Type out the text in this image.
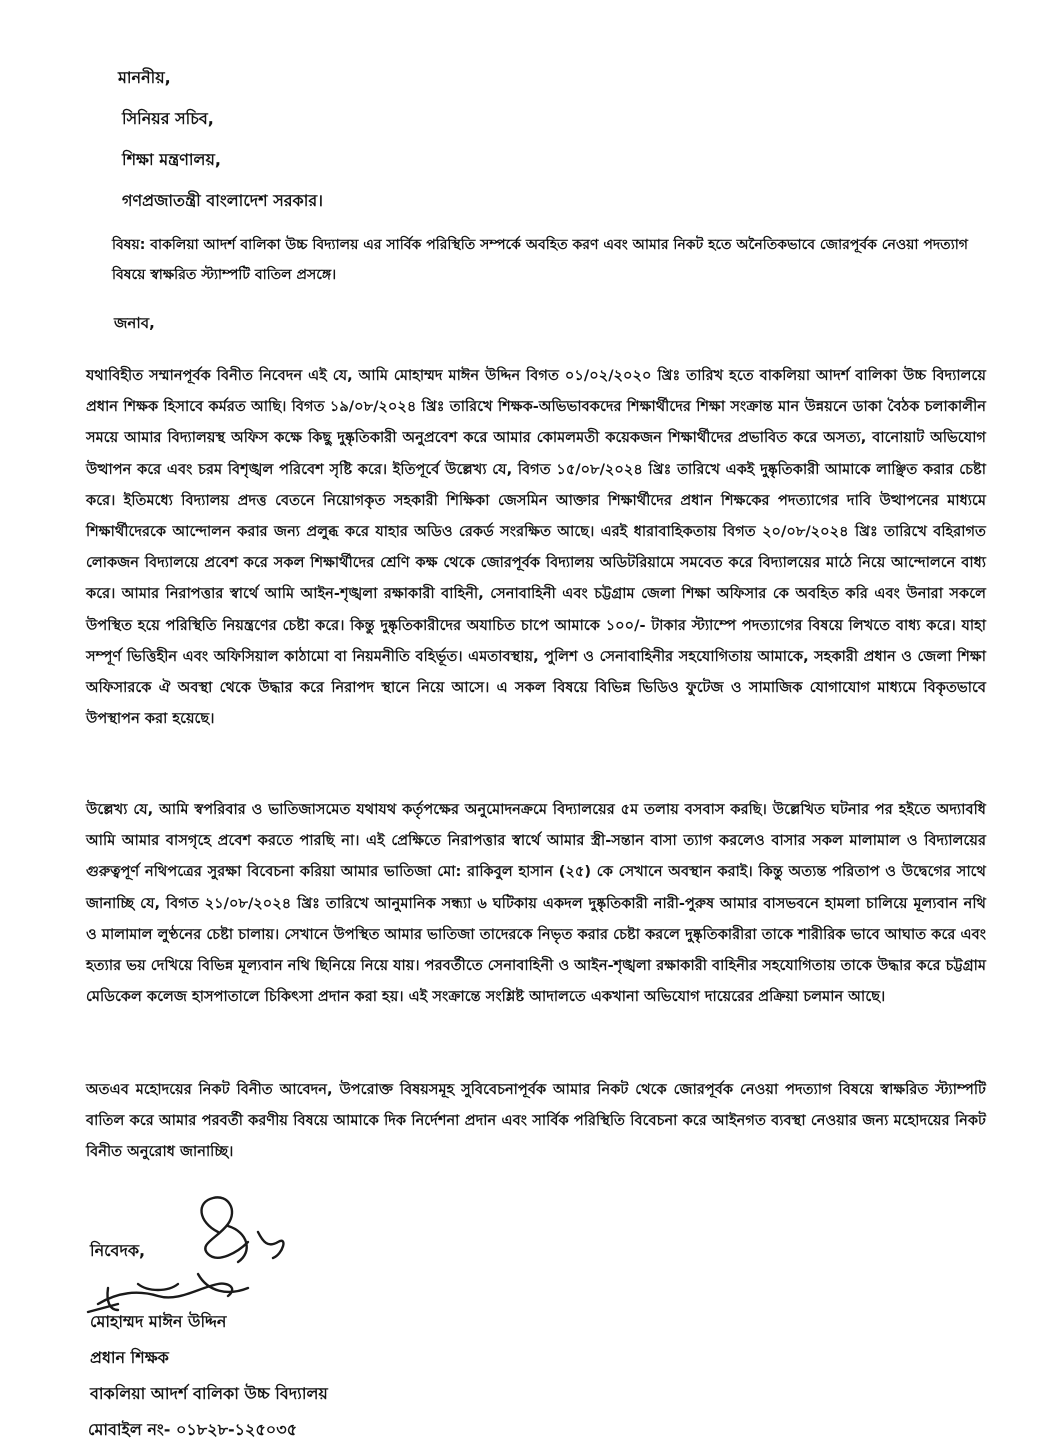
মাননীয়,
সিনিয়র সচিব,
শিক্ষা মন্ত্রণালয়,
গণপ্রজাতন্ত্রী বাংলাদেশ সরকার।
বিষয়: বাকলিয়া আদর্শ বালিকা উচ্চ বিদ্যালয় এর সার্বিক পরিস্থিতি সম্পর্কে অবহিত করণ এবং আমার নিকট হতে অনৈতিকভাবে জোরপূর্বক নেওয়া পদত্যাগ বিষয়ে স্বাক্ষরিত স্ট্যাম্পটি বাতিল প্রসঙ্গে।
জনাব,
যথাবিহীত সম্মানপূর্বক বিনীত নিবেদন এই যে, আমি মোহাম্মদ মাঈন উদ্দিন বিগত ০১/০২/২০২০ খ্রিঃ তারিখ হতে বাকলিয়া আদর্শ বালিকা উচ্চ বিদ্যালয়ে প্রধান শিক্ষক হিসাবে কর্মরত আছি। বিগত ১৯/০৮/২০২৪ খ্রিঃ তারিখে শিক্ষক-অভিভাবকদের শিক্ষার্থীদের শিক্ষা সংক্রান্ত মান উন্নয়নে ডাকা বৈঠক চলাকালীন সময়ে আমার বিদ্যালয়স্থ অফিস কক্ষে কিছু দুষ্কৃতিকারী অনুপ্রবেশ করে আমার কোমলমতী কয়েকজন শিক্ষার্থীদের প্রভাবিত করে অসত্য, বানোয়াট অভিযোগ উত্থাপন করে এবং চরম বিশৃঙ্খল পরিবেশ সৃষ্টি করে। ইতিপূর্বে উল্লেখ্য যে, বিগত ১৫/০৮/২০২৪ খ্রিঃ তারিখে একই দুষ্কৃতিকারী আমাকে লাঞ্ছিত করার চেষ্টা করে। ইতিমধ্যে বিদ্যালয় প্রদত্ত বেতনে নিয়োগকৃত সহকারী শিক্ষিকা জেসমিন আক্তার শিক্ষার্থীদের প্রধান শিক্ষকের পদত্যাগের দাবি উত্থাপনের মাধ্যমে শিক্ষার্থীদেরকে আন্দোলন করার জন্য প্রলুব্ধ করে যাহার অডিও রেকর্ড সংরক্ষিত আছে। এরই ধারাবাহিকতায় বিগত ২০/০৮/২০২৪ খ্রিঃ তারিখে বহিরাগত লোকজন বিদ্যালয়ে প্রবেশ করে সকল শিক্ষার্থীদের শ্রেণি কক্ষ থেকে জোরপূর্বক বিদ্যালয় অডিটরিয়ামে সমবেত করে বিদ্যালয়ের মাঠে নিয়ে আন্দোলনে বাধ্য করে। আমার নিরাপত্তার স্বার্থে আমি আইন-শৃঙ্খলা রক্ষাকারী বাহিনী, সেনাবাহিনী এবং চট্টগ্রাম জেলা শিক্ষা অফিসার কে অবহিত করি এবং উনারা সকলে উপস্থিত হয়ে পরিস্থিতি নিয়ন্ত্রণের চেষ্টা করে। কিন্তু দুষ্কৃতিকারীদের অযাচিত চাপে আমাকে ১০০/- টাকার স্ট্যাম্পে পদত্যাগের বিষয়ে লিখতে বাধ্য করে। যাহা সম্পূর্ণ ভিত্তিহীন এবং অফিসিয়াল কাঠামো বা নিয়মনীতি বহির্ভূত। এমতাবস্থায়, পুলিশ ও সেনাবাহিনীর সহযোগিতায় আমাকে, সহকারী প্রধান ও জেলা শিক্ষা অফিসারকে ঐ অবস্থা থেকে উদ্ধার করে নিরাপদ স্থানে নিয়ে আসে। এ সকল বিষয়ে বিভিন্ন ভিডিও ফুটেজ ও সামাজিক যোগাযোগ মাধ্যমে বিকৃতভাবে উপস্থাপন করা হয়েছে।
উল্লেখ্য যে, আমি স্বপরিবার ও ভাতিজাসমেত যথাযথ কর্তৃপক্ষের অনুমোদনক্রমে বিদ্যালয়ের ৫ম তলায় বসবাস করছি। উল্লেখিত ঘটনার পর হইতে অদ্যাবধি আমি আমার বাসগৃহে প্রবেশ করতে পারছি না। এই প্রেক্ষিতে নিরাপত্তার স্বার্থে আমার স্ত্রী-সন্তান বাসা ত্যাগ করলেও বাসার সকল মালামাল ও বিদ্যালয়ের গুরুত্বপূর্ণ নথিপত্রের সুরক্ষা বিবেচনা করিয়া আমার ভাতিজা মো: রাকিবুল হাসান (২৫) কে সেখানে অবস্থান করাই। কিন্তু অত্যন্ত পরিতাপ ও উদ্বেগের সাথে জানাচ্ছি যে, বিগত ২১/০৮/২০২৪ খ্রিঃ তারিখে আনুমানিক সন্ধ্যা ৬ ঘটিকায় একদল দুষ্কৃতিকারী নারী-পুরুষ আমার বাসভবনে হামলা চালিয়ে মূল্যবান নথি ও মালামাল লুণ্ঠনের চেষ্টা চালায়। সেখানে উপস্থিত আমার ভাতিজা তাদেরকে নিভৃত করার চেষ্টা করলে দুষ্কৃতিকারীরা তাকে শারীরিক ভাবে আঘাত করে এবং হত্যার ভয় দেখিয়ে বিভিন্ন মূল্যবান নথি ছিনিয়ে নিয়ে যায়। পরবর্তীতে সেনাবাহিনী ও আইন-শৃঙ্খলা রক্ষাকারী বাহিনীর সহযোগিতায় তাকে উদ্ধার করে চট্টগ্রাম মেডিকেল কলেজ হাসপাতালে চিকিৎসা প্রদান করা হয়। এই সংক্রান্তে সংশ্লিষ্ট আদালতে একখানা অভিযোগ দায়েরের প্রক্রিয়া চলমান আছে।
অতএব মহোদয়ের নিকট বিনীত আবেদন, উপরোক্ত বিষয়সমূহ সুবিবেচনাপূর্বক আমার নিকট থেকে জোরপূর্বক নেওয়া পদত্যাগ বিষয়ে স্বাক্ষরিত স্ট্যাম্পটি বাতিল করে আমার পরবর্তী করণীয় বিষয়ে আমাকে দিক নির্দেশনা প্রদান এবং সার্বিক পরিস্থিতি বিবেচনা করে আইনগত ব্যবস্থা নেওয়ার জন্য মহোদয়ের নিকট বিনীত অনুরোধ জানাচ্ছি।
নিবেদক,
মোহাম্মদ মাঈন উদ্দিন
প্রধান শিক্ষক
বাকলিয়া আদর্শ বালিকা উচ্চ বিদ্যালয়
মোবাইল নং- ০১৮২৮-১২৫০৩৫
